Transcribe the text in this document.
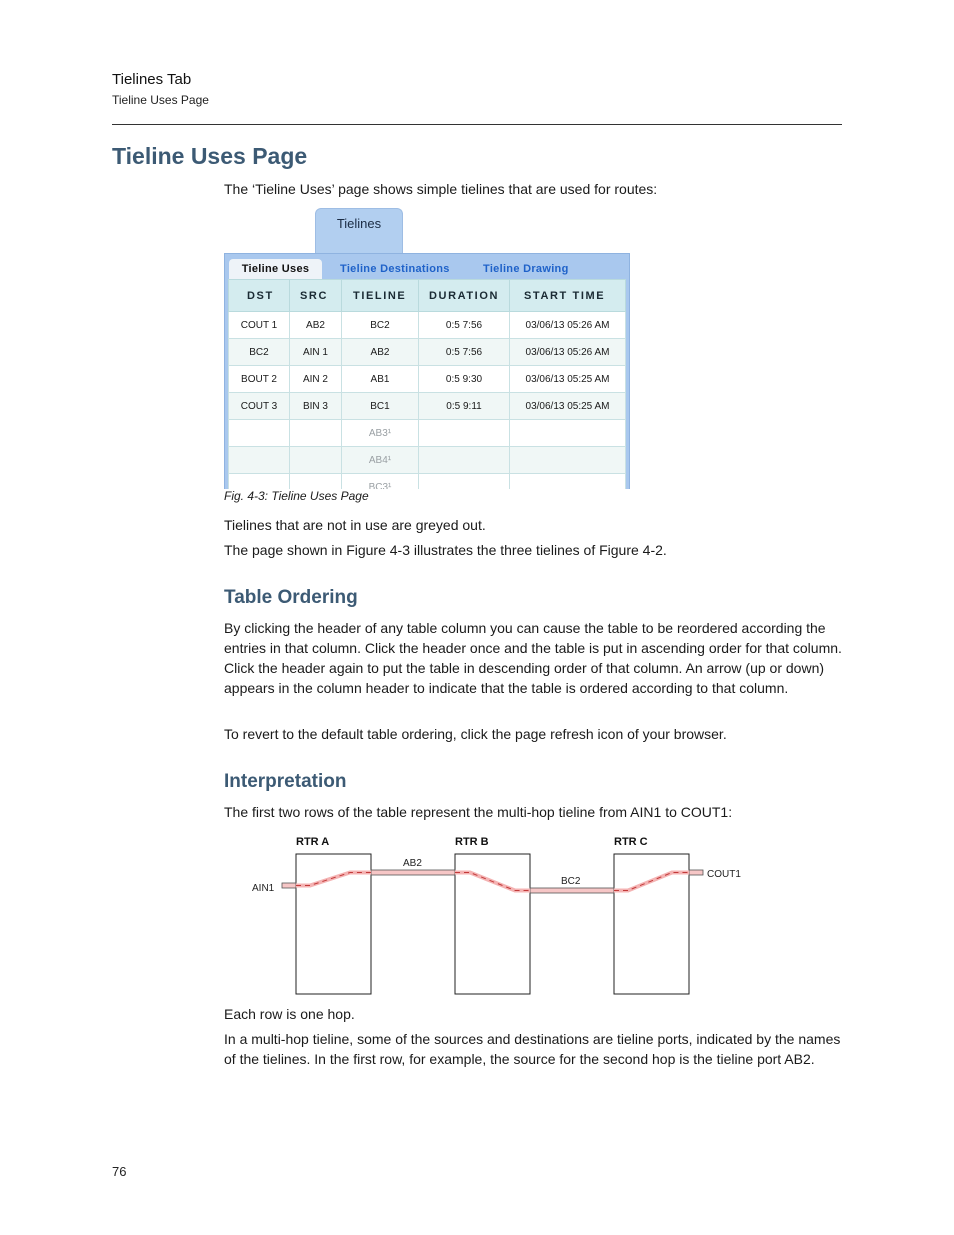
Tielines Tab
Tieline Uses Page
Tieline Uses Page

The ‘Tieline Uses’ page shows simple tielines that are used for routes:

Tielines
Tieline Uses	Tieline Destinations	Tieline Drawing
DST	SRC	TIELINE	DURATION	START TIME
COUT 1	AB2	BC2	0:5 7:56	03/06/13 05:26 AM
BC2	AIN 1	AB2	0:5 7:56	03/06/13 05:26 AM
BOUT 2	AIN 2	AB1	0:5 9:30	03/06/13 05:25 AM
COUT 3	BIN 3	BC1	0:5 9:11	03/06/13 05:25 AM
		AB3¹		
		AB4¹		
		BC3¹		
Fig. 4-3: Tieline Uses Page

Tielines that are not in use are greyed out.

The page shown in Figure 4-3 illustrates the three tielines of Figure 4-2.

Table Ordering

By clicking the header of any table column you can cause the table to be reordered according the entries in that column. Click the header once and the table is put in ascending order for that column. Click the header again to put the table in descending order of that column. An arrow (up or down) appears in the column header to indicate that the table is ordered according to that column.

To revert to the default table ordering, click the page refresh icon of your browser.

Interpretation

The first two rows of the table represent the multi-hop tieline from AIN1 to COUT1:

RTR A	RTR B	RTR C
AIN1
AB2
BC2
COUT1

Each row is one hop.

In a multi-hop tieline, some of the sources and destinations are tieline ports, indicated by the names of the tielines. In the first row, for example, the source for the second hop is the tieline port AB2.

76
